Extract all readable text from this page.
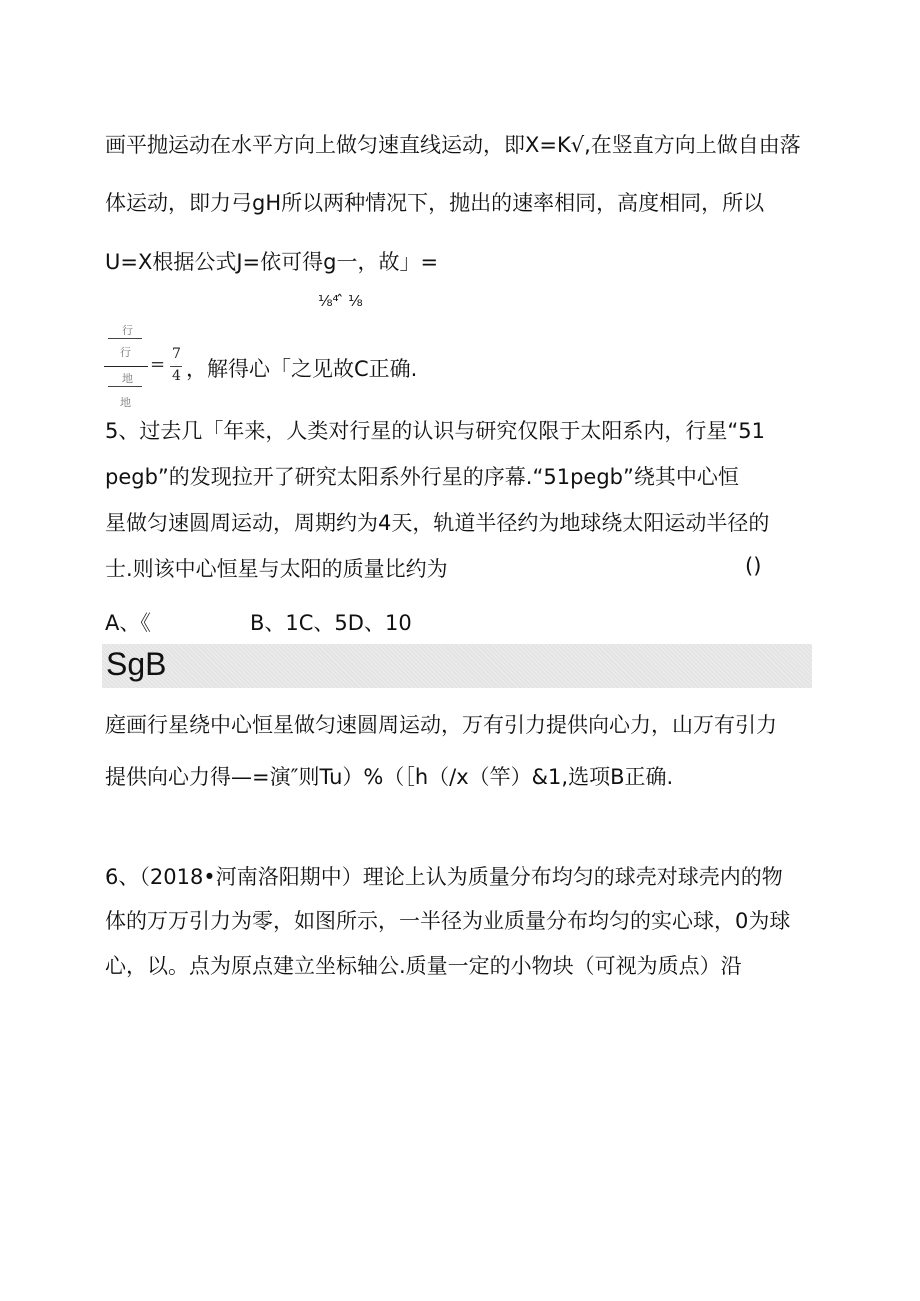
画平抛运动在水平方向上做匀速直线运动，即X=K√,在竖直方向上做自由落
体运动，即力弓gH所以两种情况下，抛出的速率相同，高度相同，所以
U=X根据公式J=依可得g一，故」=
⅛⁴ ̂ ⅛
行
行
地
地
= 7
4 ，解得心「之见故C正确.
5、过去几「年来，人类对行星的认识与研究仅限于太阳系内，行星“51
pegb”的发现拉开了研究太阳系外行星的序幕.“51pegb”绕其中心恒
星做匀速圆周运动，周期约为4天，轨道半径约为地球绕太阳运动半径的
士.则该中心恒星与太阳的质量比约为	()
A、《	B、1C、5D、10
SgB
庭画行星绕中心恒星做匀速圆周运动，万有引力提供向心力，山万有引力
提供向心力得—=演″则Tu）%（［h（/x（竿）&1,选项B正确.
6、（2018•河南洛阳期中）理论上认为质量分布均匀的球壳对球壳内的物
体的万万引力为零，如图所示，一半径为业质量分布均匀的实心球，0为球
心，以。点为原点建立坐标轴公.质量一定的小物块（可视为质点）沿
